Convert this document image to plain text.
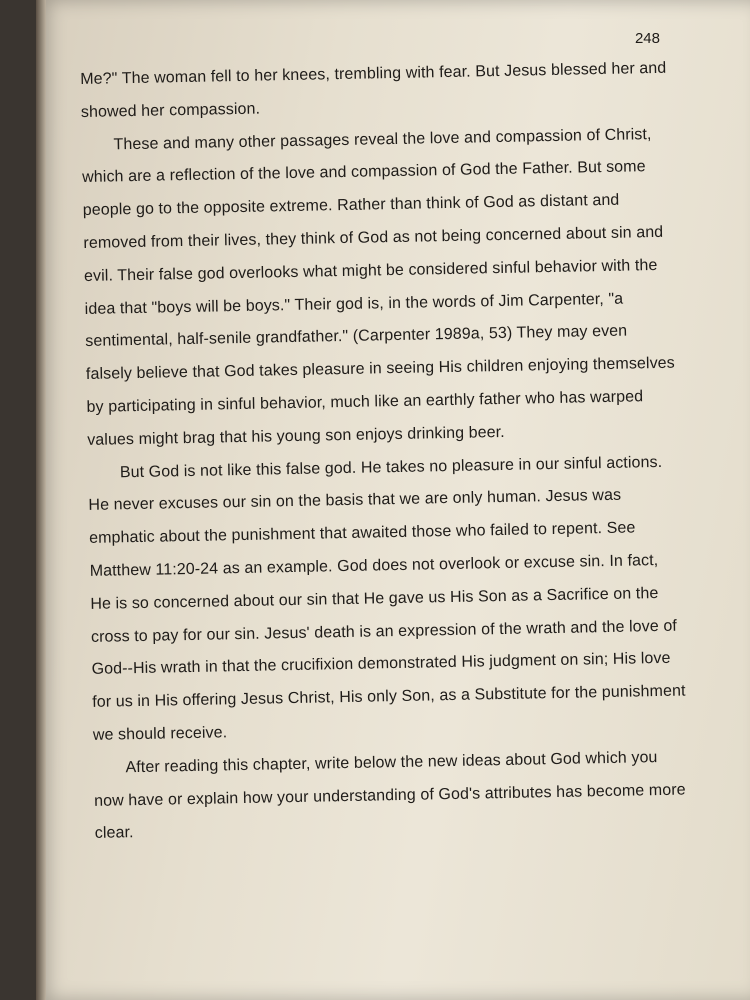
248

Me?" The woman fell to her knees, trembling with fear. But Jesus blessed her and
showed her compassion.

These and many other passages reveal the love and compassion of Christ,
which are a reflection of the love and compassion of God the Father. But some
people go to the opposite extreme. Rather than think of God as distant and
removed from their lives, they think of God as not being concerned about sin and
evil. Their false god overlooks what might be considered sinful behavior with the
idea that "boys will be boys." Their god is, in the words of Jim Carpenter, "a
sentimental, half-senile grandfather." (Carpenter 1989a, 53) They may even
falsely believe that God takes pleasure in seeing His children enjoying themselves
by participating in sinful behavior, much like an earthly father who has warped
values might brag that his young son enjoys drinking beer.

But God is not like this false god. He takes no pleasure in our sinful actions.
He never excuses our sin on the basis that we are only human. Jesus was
emphatic about the punishment that awaited those who failed to repent. See
Matthew 11:20-24 as an example. God does not overlook or excuse sin. In fact,
He is so concerned about our sin that He gave us His Son as a Sacrifice on the
cross to pay for our sin. Jesus' death is an expression of the wrath and the love of
God--His wrath in that the crucifixion demonstrated His judgment on sin; His love
for us in His offering Jesus Christ, His only Son, as a Substitute for the punishment
we should receive.

After reading this chapter, write below the new ideas about God which you
now have or explain how your understanding of God's attributes has become more
clear.
